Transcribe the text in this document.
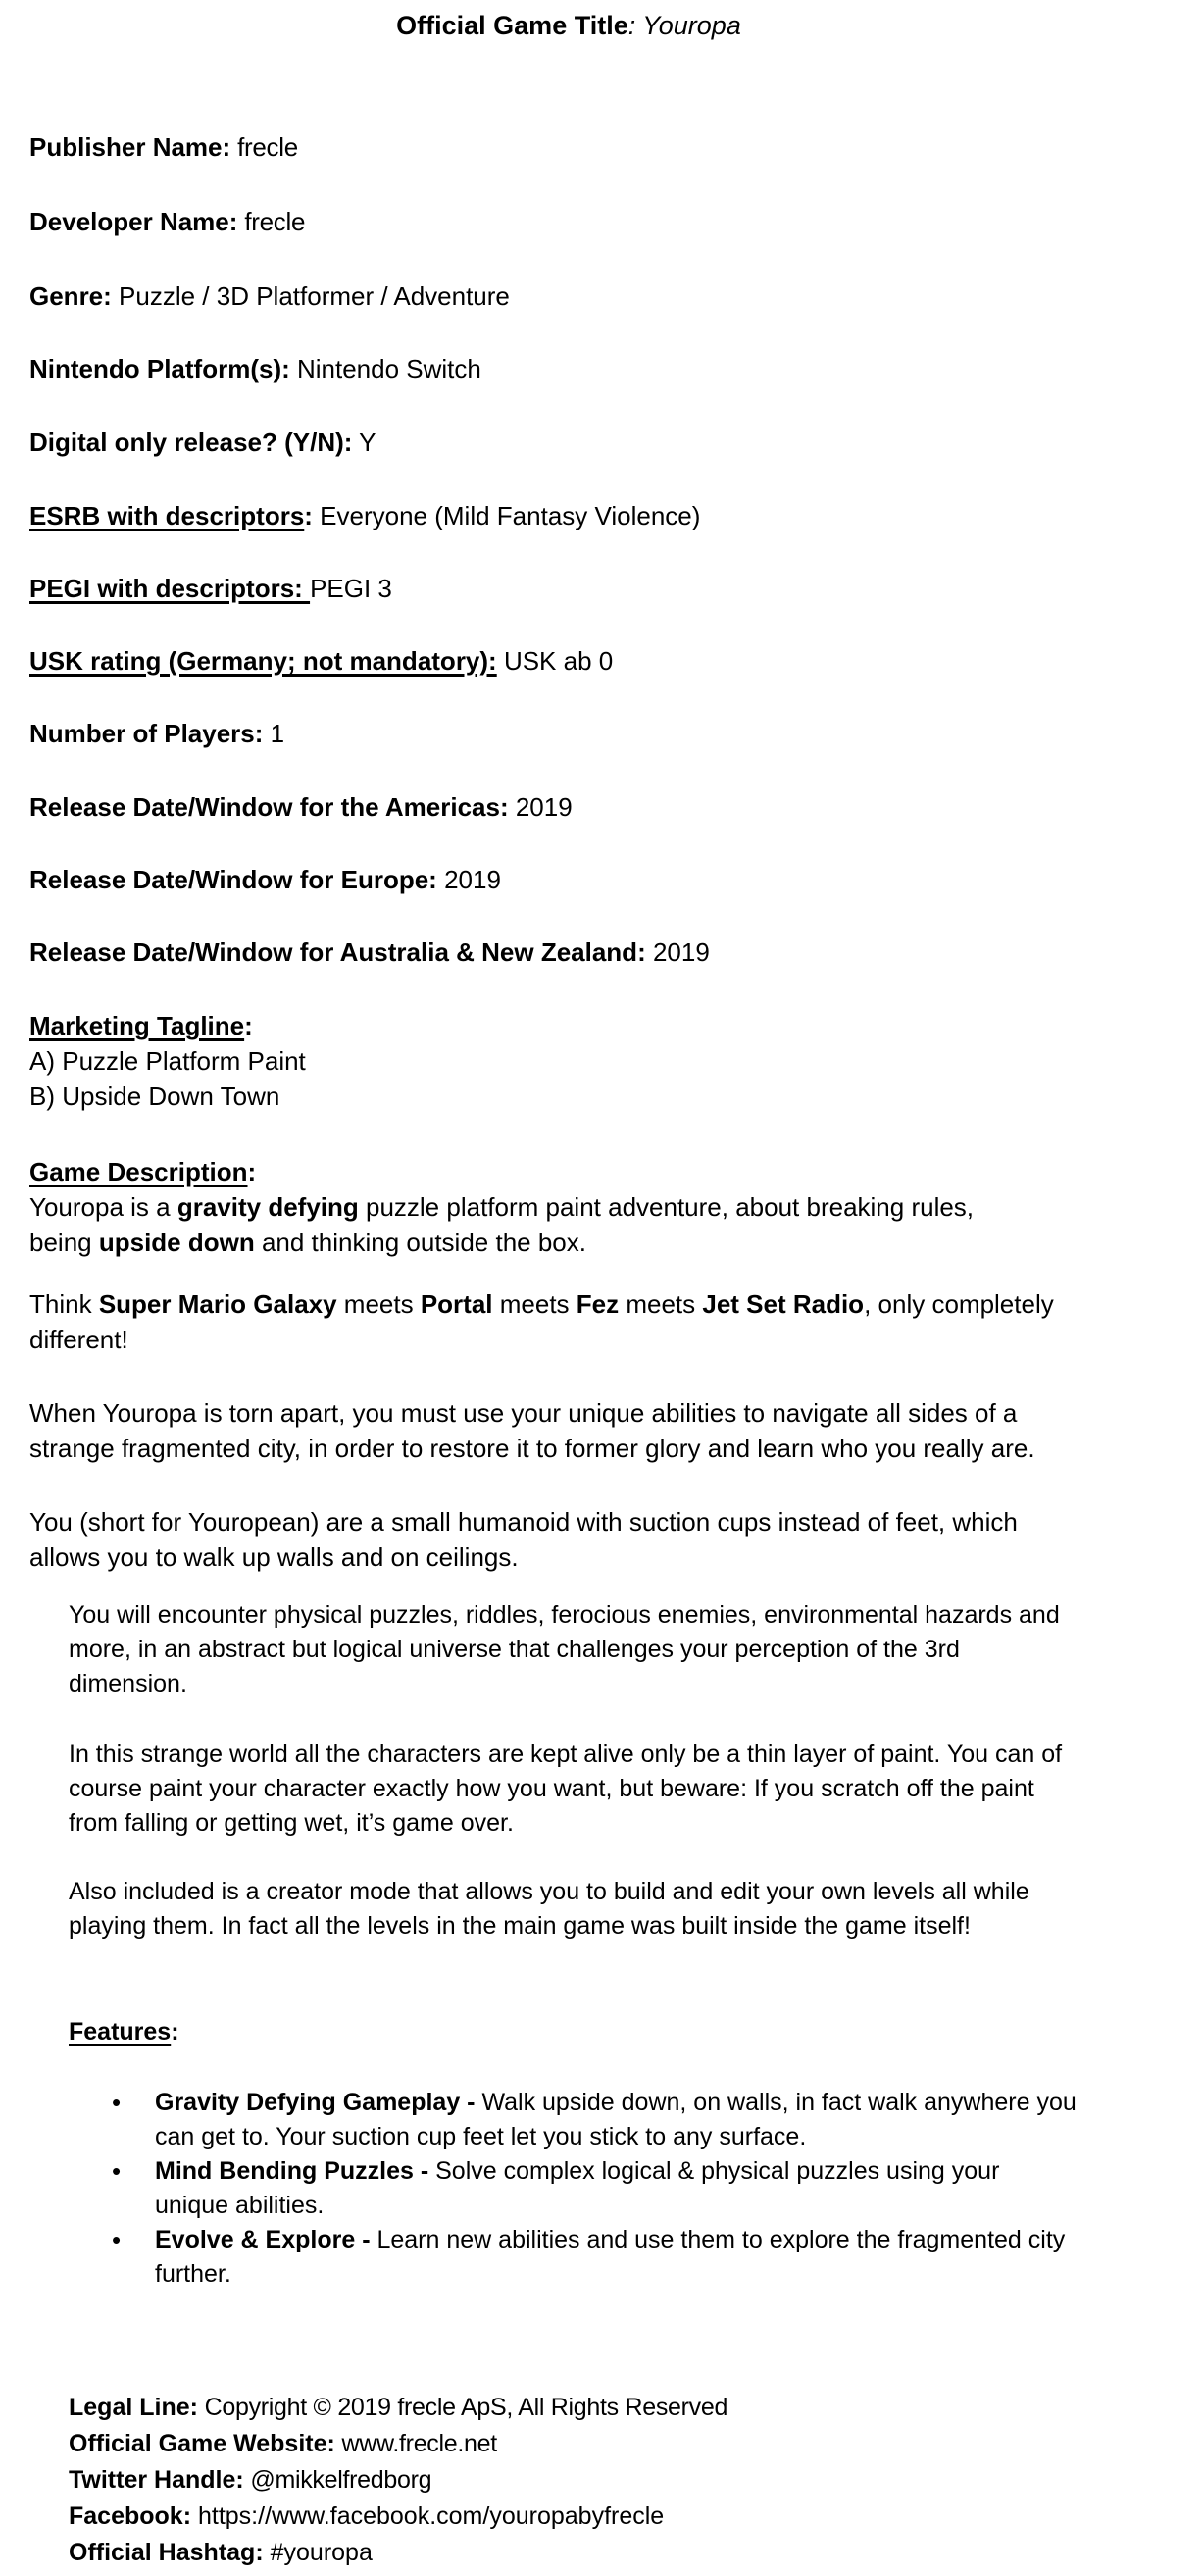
Official Game Title: Youropa
Publisher Name: frecle
Developer Name: frecle
Genre: Puzzle / 3D Platformer / Adventure
Nintendo Platform(s): Nintendo Switch
Digital only release? (Y/N): Y
ESRB with descriptors: Everyone (Mild Fantasy Violence)
PEGI with descriptors: PEGI 3
USK rating (Germany; not mandatory): USK ab 0
Number of Players: 1
Release Date/Window for the Americas: 2019
Release Date/Window for Europe: 2019
Release Date/Window for Australia & New Zealand: 2019

Marketing Tagline:

A) Puzzle Platform Paint

B) Upside Down Town

Game Description:

Youropa is a gravity defying puzzle platform paint adventure, about breaking rules,
being upside down and thinking outside the box.

Think Super Mario Galaxy meets Portal meets Fez meets Jet Set Radio, only completely
different!

When Youropa is torn apart, you must use your unique abilities to navigate all sides of a
strange fragmented city, in order to restore it to former glory and learn who you really are.

You (short for Youropean) are a small humanoid with suction cups instead of feet, which
allows you to walk up walls and on ceilings.

You will encounter physical puzzles, riddles, ferocious enemies, environmental hazards and
more, in an abstract but logical universe that challenges your perception of the 3rd
dimension.

In this strange world all the characters are kept alive only be a thin layer of paint. You can of
course paint your character exactly how you want, but beware: If you scratch off the paint
from falling or getting wet, it’s game over.

Also included is a creator mode that allows you to build and edit your own levels all while
playing them. In fact all the levels in the main game was built inside the game itself!

Features:

• Gravity Defying Gameplay - Walk upside down, on walls, in fact walk anywhere you
can get to. Your suction cup feet let you stick to any surface.
• Mind Bending Puzzles - Solve complex logical & physical puzzles using your
unique abilities.
• Evolve & Explore - Learn new abilities and use them to explore the fragmented city
further.
Legal Line: Copyright © 2019 frecle ApS, All Rights Reserved
Official Game Website: www.frecle.net
Twitter Handle: @mikkelfredborg
Facebook: https://www.facebook.com/youropabyfrecle
Official Hashtag: #youropa
